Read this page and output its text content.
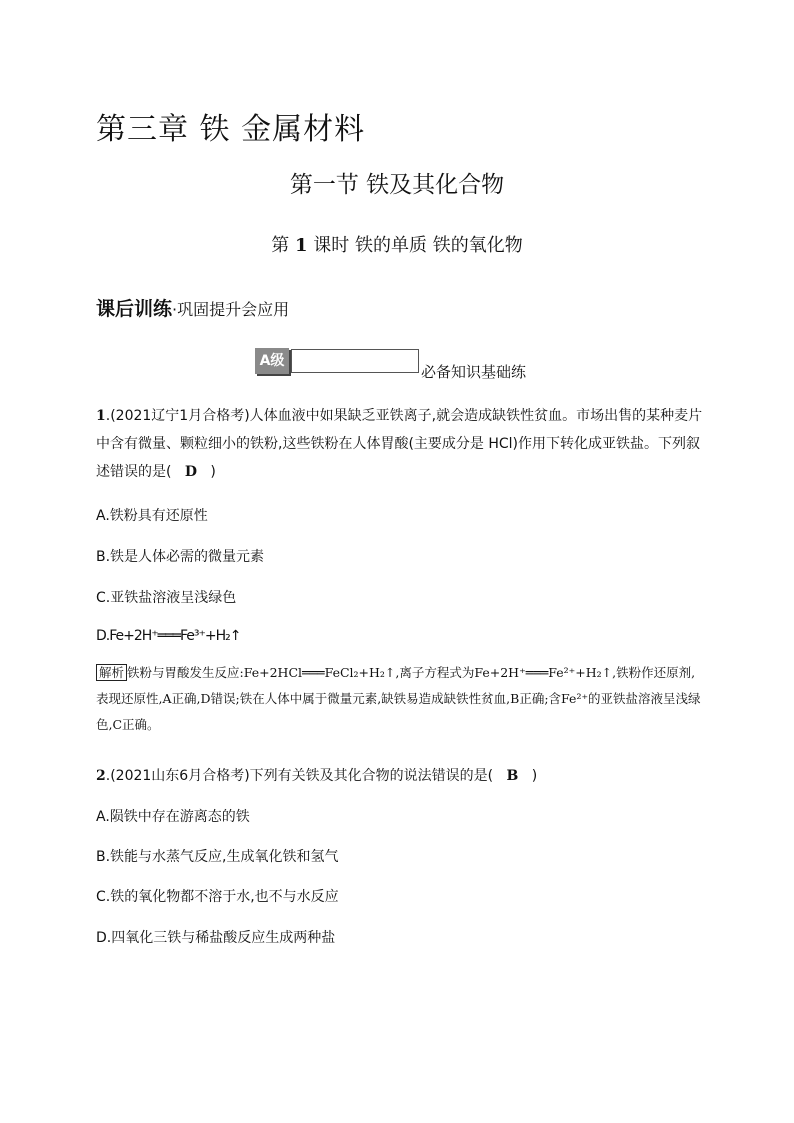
第三章 铁 金属材料
第一节 铁及其化合物
第 1 课时 铁的单质 铁的氧化物
课后训练·巩固提升会应用
A级
必备知识基础练
1.(2021辽宁1月合格考)人体血液中如果缺乏亚铁离子,就会造成缺铁性贫血。市场出售的某种麦片中含有微量、颗粒细小的铁粉,这些铁粉在人体胃酸(主要成分是 HCl)作用下转化成亚铁盐。下列叙述错误的是( D )
A.铁粉具有还原性
B.铁是人体必需的微量元素
C.亚铁盐溶液呈浅绿色
D.Fe+2H⁺═══Fe³⁺+H₂↑
解析 铁粉与胃酸发生反应:Fe+2HCl═══FeCl₂+H₂↑,离子方程式为Fe+2H⁺═══Fe²⁺+H₂↑,铁粉作还原剂,表现还原性,A正确,D错误;铁在人体中属于微量元素,缺铁易造成缺铁性贫血,B正确;含Fe²⁺的亚铁盐溶液呈浅绿色,C正确。
2.(2021山东6月合格考)下列有关铁及其化合物的说法错误的是( B )
A.陨铁中存在游离态的铁
B.铁能与水蒸气反应,生成氧化铁和氢气
C.铁的氧化物都不溶于水,也不与水反应
D.四氧化三铁与稀盐酸反应生成两种盐
